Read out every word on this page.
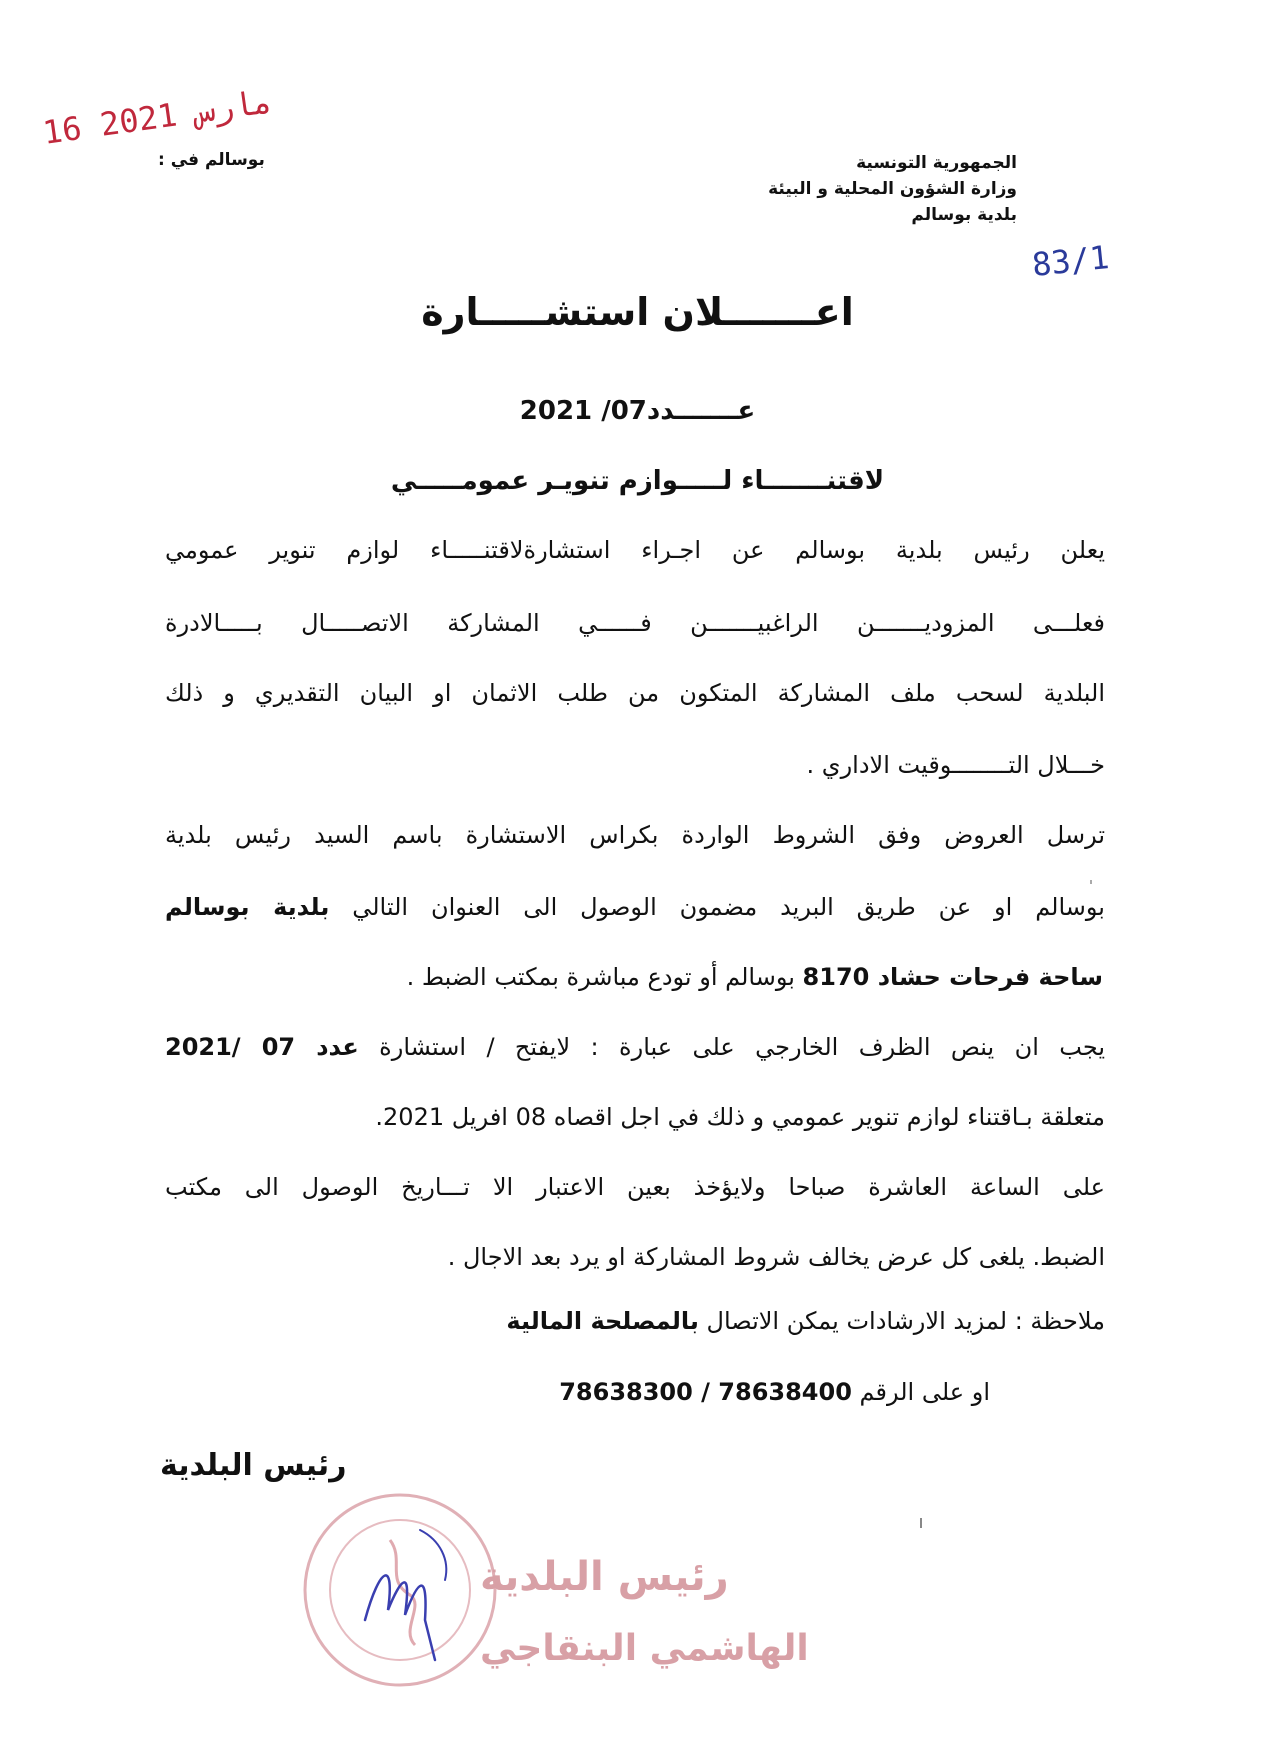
الجمهورية التونسية
وزارة الشؤون المحلية و البيئة
بلدية بوسالم
بوسالم في :
16 مارس 2021
83/1
اعـــــــلان استشـــــارة
عـــــــدد07/ 2021
لاقتنـــــــاء لـــــوازم تنويـر عمومـــــي
يعلن رئيس بلدية بوسالم عن اجـراء استشارةلاقتنـــــاء لوازم تنوير عمومي
فعلـــى المزوديـــــــن الراغبيـــــــن فــــــي المشاركة الاتصـــــال بـــــالادرة
البلدية لسحب ملف المشاركة المتكون من طلب الاثمان او البيان التقديري و ذلك
خـــلال التــــــــوقيت الاداري .
ترسل العروض وفق الشروط الواردة بكراس الاستشارة باسم السيد رئيس بلدية
بوسالم او عن طريق البريد مضمون الوصول الى العنوان التالي بلدية بوسالم
ساحة فرحات حشاد 8170 بوسالم أو تودع مباشرة بمكتب الضبط .
يجب ان ينص الظرف الخارجي على عبارة : لايفتح / استشارة عدد 07 /2021
متعلقة بـاقتناء لوازم تنوير عمومي و ذلك في اجل اقصاه 08 افريل 2021.
على الساعة العاشرة صباحا ولايؤخذ بعين الاعتبار الا تـــاريخ الوصول الى مكتب
الضبط. يلغى كل عرض يخالف شروط المشاركة او يرد بعد الاجال .
ملاحظة : لمزيد الارشادات يمكن الاتصال بالمصلحة المالية
او على الرقم 78638300 / 78638400
رئيس البلدية
رئيس البلدية
الهاشمي البنقاجي
